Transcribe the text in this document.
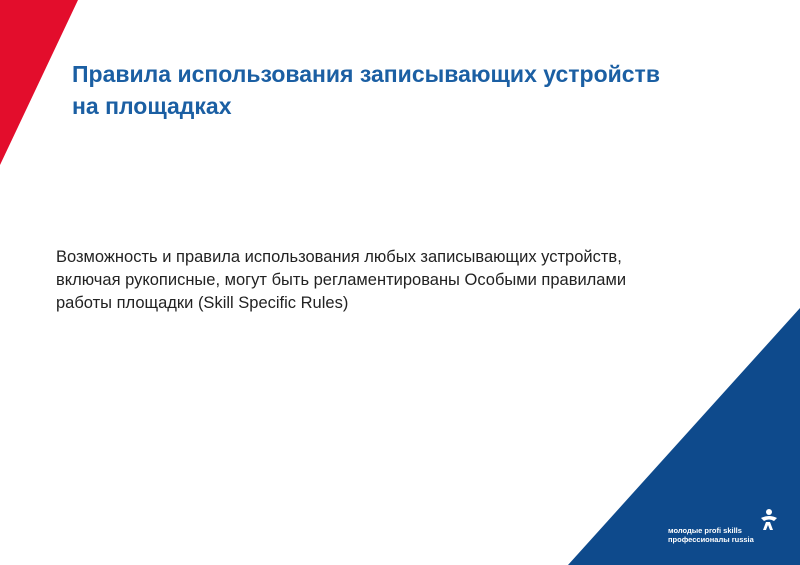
Правила использования записывающих устройств
на площадках

Возможность и правила использования любых записывающих устройств,
включая рукописные, могут быть регламентированы Особыми правилами
работы площадки (Skill Specific Rules)

молодые profi skills
профессионалы russia
